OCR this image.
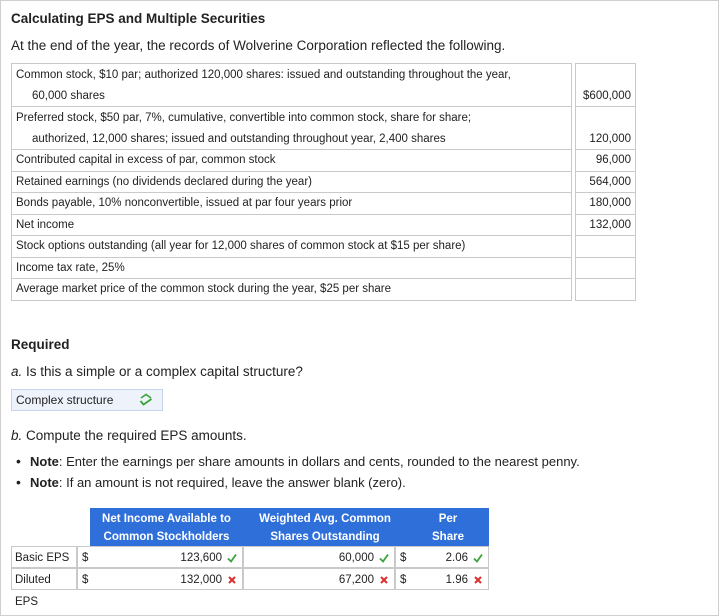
Calculating EPS and Multiple Securities
At the end of the year, the records of Wolverine Corporation reflected the following.
Common stock, $10 par; authorized 120,000 shares: issued and outstanding throughout the year,		
60,000 shares		$600,000
Preferred stock, $50 par, 7%, cumulative, convertible into common stock, share for share;		
authorized, 12,000 shares; issued and outstanding throughout year, 2,400 shares		120,000
Contributed capital in excess of par, common stock		96,000
Retained earnings (no dividends declared during the year)		564,000
Bonds payable, 10% nonconvertible, issued at par four years prior		180,000
Net income		132,000
Stock options outstanding (all year for 12,000 shares of common stock at $15 per share)		
Income tax rate, 25%		
Average market price of the common stock during the year, $25 per share		
Required
a. Is this a simple or a complex capital structure?
Complex structure
b. Compute the required EPS amounts.
• Note: Enter the earnings per share amounts in dollars and cents, rounded to the nearest penny.
• Note: If an amount is not required, leave the answer blank (zero).
Net Income Available to
Common Stockholders
Weighted Avg. Common
Shares Outstanding
Per
Share
Basic EPS	$	123,600	60,000	$	2.06
Diluted EPS
$	132,000	67,200	$	1.96
